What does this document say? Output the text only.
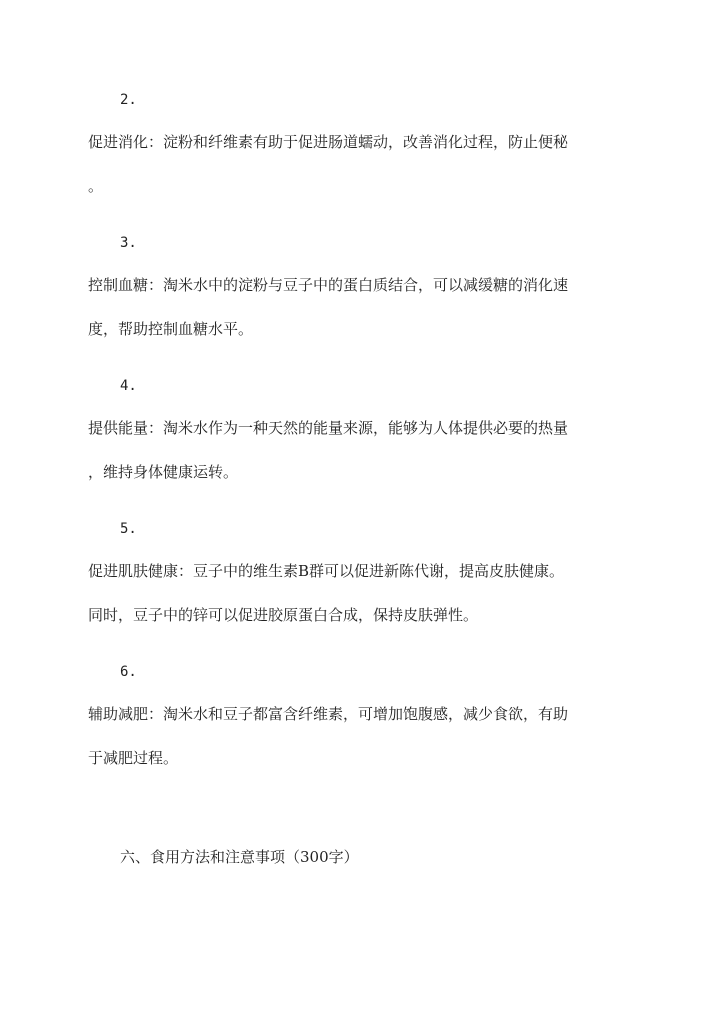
2.

促进消化：淀粉和纤维素有助于促进肠道蠕动，改善消化过程，防止便秘

。

3.

控制血糖：淘米水中的淀粉与豆子中的蛋白质结合，可以减缓糖的消化速

度，帮助控制血糖水平。

4.

提供能量：淘米水作为一种天然的能量来源，能够为人体提供必要的热量

，维持身体健康运转。

5.

促进肌肤健康：豆子中的维生素B群可以促进新陈代谢，提高皮肤健康。

同时，豆子中的锌可以促进胶原蛋白合成，保持皮肤弹性。

6.

辅助减肥：淘米水和豆子都富含纤维素，可增加饱腹感，减少食欲，有助

于减肥过程。

六、食用方法和注意事项（300字）
